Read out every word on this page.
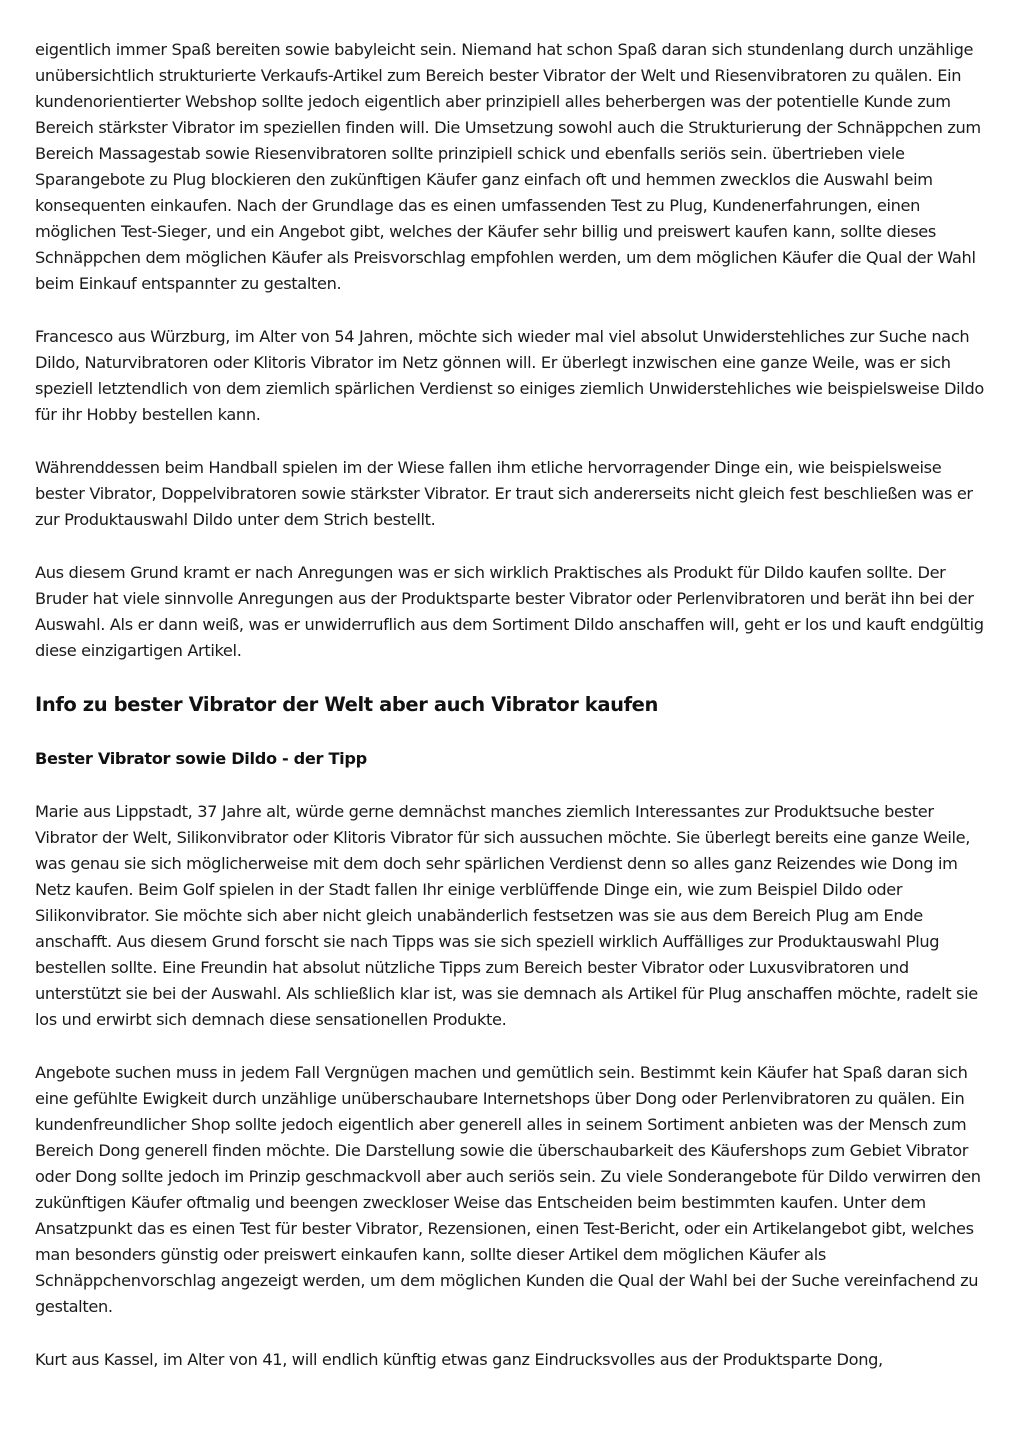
eigentlich immer Spaß bereiten sowie babyleicht sein. Niemand hat schon Spaß daran sich stundenlang durch unzählige unübersichtlich strukturierte Verkaufs-Artikel zum Bereich bester Vibrator der Welt und Riesenvibratoren zu quälen. Ein kundenorientierter Webshop sollte jedoch eigentlich aber prinzipiell alles beherbergen was der potentielle Kunde zum Bereich stärkster Vibrator im speziellen finden will. Die Umsetzung sowohl auch die Strukturierung der Schnäppchen zum Bereich Massagestab sowie Riesenvibratoren sollte prinzipiell schick und ebenfalls seriös sein. übertrieben viele Sparangebote zu Plug blockieren den zukünftigen Käufer ganz einfach oft und hemmen zwecklos die Auswahl beim konsequenten einkaufen. Nach der Grundlage das es einen umfassenden Test zu Plug, Kundenerfahrungen, einen möglichen Test-Sieger, und ein Angebot gibt, welches der Käufer sehr billig und preiswert kaufen kann, sollte dieses Schnäppchen dem möglichen Käufer als Preisvorschlag empfohlen werden, um dem möglichen Käufer die Qual der Wahl beim Einkauf entspannter zu gestalten.

Francesco aus Würzburg, im Alter von 54 Jahren, möchte sich wieder mal viel absolut Unwiderstehliches zur Suche nach Dildo, Naturvibratoren oder Klitoris Vibrator im Netz gönnen will. Er überlegt inzwischen eine ganze Weile, was er sich speziell letztendlich von dem ziemlich spärlichen Verdienst so einiges ziemlich Unwiderstehliches wie beispielsweise Dildo für ihr Hobby bestellen kann.

Währenddessen beim Handball spielen im der Wiese fallen ihm etliche hervorragender Dinge ein, wie beispielsweise bester Vibrator, Doppelvibratoren sowie stärkster Vibrator. Er traut sich andererseits nicht gleich fest beschließen was er zur Produktauswahl Dildo unter dem Strich bestellt.

Aus diesem Grund kramt er nach Anregungen was er sich wirklich Praktisches als Produkt für Dildo kaufen sollte. Der Bruder hat viele sinnvolle Anregungen aus der Produktsparte bester Vibrator oder Perlenvibratoren und berät ihn bei der Auswahl. Als er dann weiß, was er unwiderruflich aus dem Sortiment Dildo anschaffen will, geht er los und kauft endgültig diese einzigartigen Artikel.

Info zu bester Vibrator der Welt aber auch Vibrator kaufen
Bester Vibrator sowie Dildo - der Tipp

Marie aus Lippstadt, 37 Jahre alt, würde gerne demnächst manches ziemlich Interessantes zur Produktsuche bester Vibrator der Welt, Silikonvibrator oder Klitoris Vibrator für sich aussuchen möchte. Sie überlegt bereits eine ganze Weile, was genau sie sich möglicherweise mit dem doch sehr spärlichen Verdienst denn so alles ganz Reizendes wie Dong im Netz kaufen. Beim Golf spielen in der Stadt fallen Ihr einige verblüffende Dinge ein, wie zum Beispiel Dildo oder Silikonvibrator. Sie möchte sich aber nicht gleich unabänderlich festsetzen was sie aus dem Bereich Plug am Ende anschafft. Aus diesem Grund forscht sie nach Tipps was sie sich speziell wirklich Auffälliges zur Produktauswahl Plug bestellen sollte. Eine Freundin hat absolut nützliche Tipps zum Bereich bester Vibrator oder Luxusvibratoren und unterstützt sie bei der Auswahl. Als schließlich klar ist, was sie demnach als Artikel für Plug anschaffen möchte, radelt sie los und erwirbt sich demnach diese sensationellen Produkte.

Angebote suchen muss in jedem Fall Vergnügen machen und gemütlich sein. Bestimmt kein Käufer hat Spaß daran sich eine gefühlte Ewigkeit durch unzählige unüberschaubare Internetshops über Dong oder Perlenvibratoren zu quälen. Ein kundenfreundlicher Shop sollte jedoch eigentlich aber generell alles in seinem Sortiment anbieten was der Mensch zum Bereich Dong generell finden möchte. Die Darstellung sowie die überschaubarkeit des Käufershops zum Gebiet Vibrator oder Dong sollte jedoch im Prinzip geschmackvoll aber auch seriös sein. Zu viele Sonderangebote für Dildo verwirren den zukünftigen Käufer oftmalig und beengen zweckloser Weise das Entscheiden beim bestimmten kaufen. Unter dem Ansatzpunkt das es einen Test für bester Vibrator, Rezensionen, einen Test-Bericht, oder ein Artikelangebot gibt, welches man besonders günstig oder preiswert einkaufen kann, sollte dieser Artikel dem möglichen Käufer als Schnäppchenvorschlag angezeigt werden, um dem möglichen Kunden die Qual der Wahl bei der Suche vereinfachend zu gestalten.

Kurt aus Kassel, im Alter von 41, will endlich künftig etwas ganz Eindrucksvolles aus der Produktsparte Dong,
